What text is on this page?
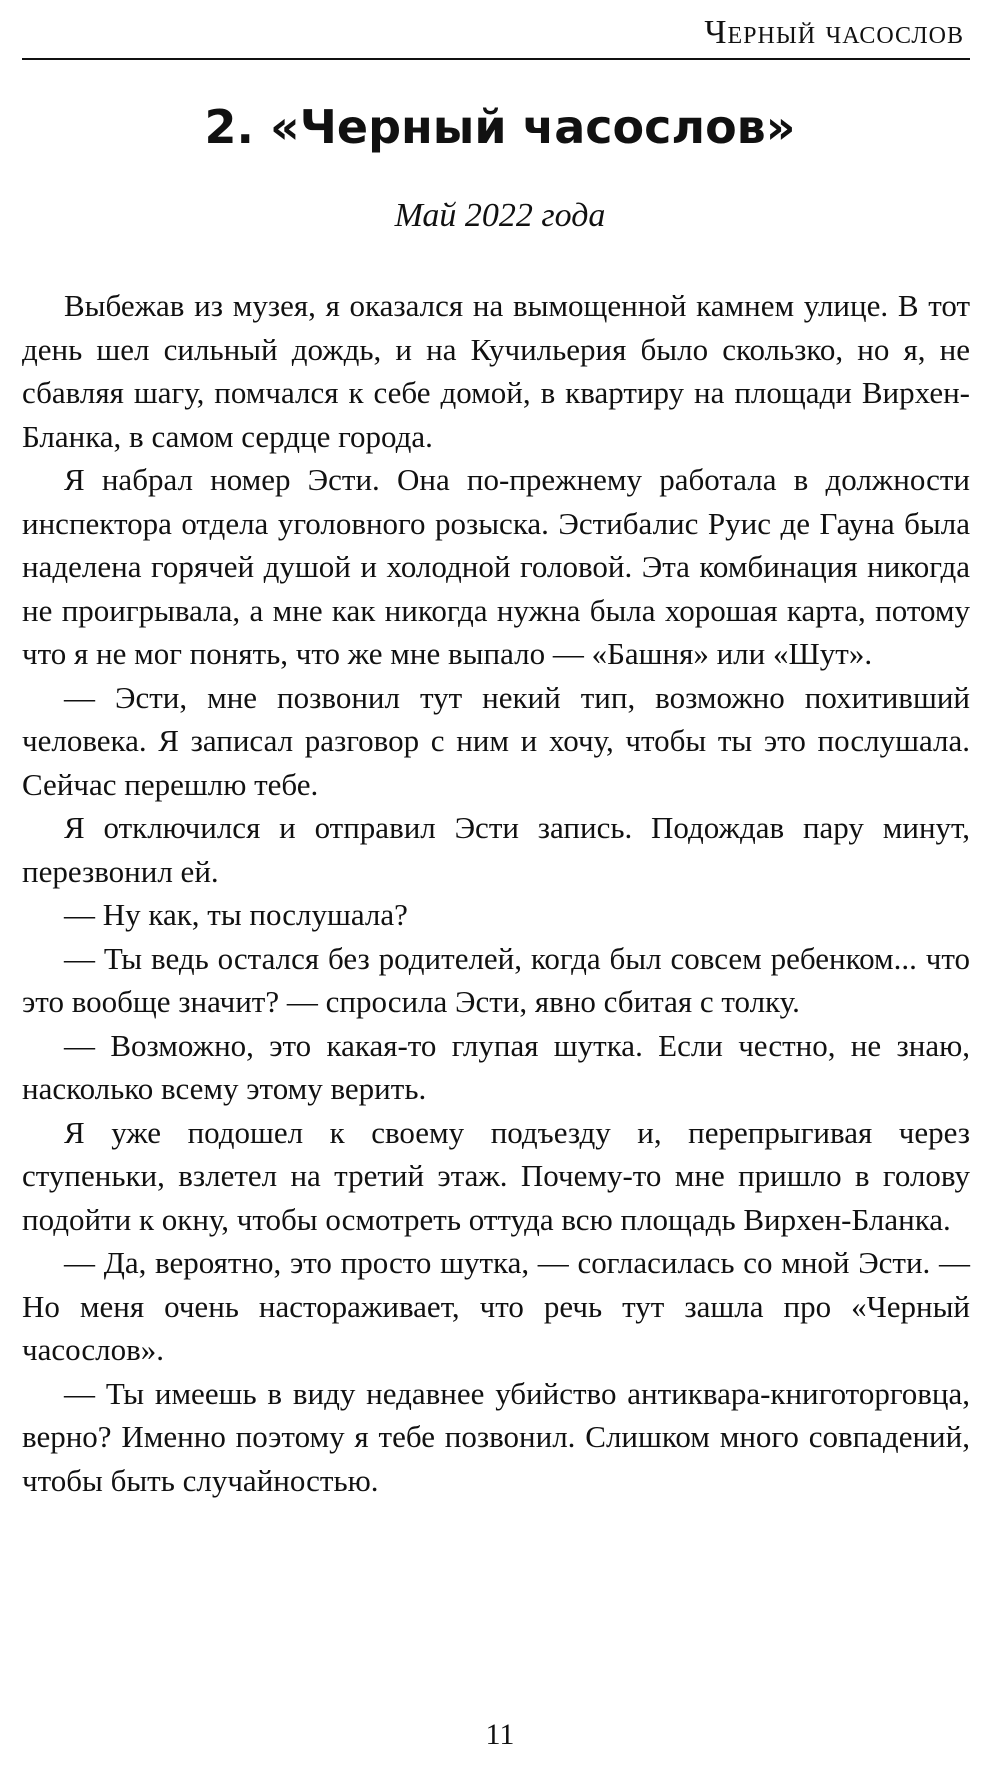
Черный часослов
2. «Черный часослов»
Май 2022 года

Выбежав из музея, я оказался на вымощенной камнем улице. В тот день шел сильный дождь, и на Кучильерия было скользко, но я, не сбавляя шагу, помчался к себе домой, в квартиру на площади Вирхен-Бланка, в самом сердце города.

Я набрал номер Эсти. Она по-прежнему работала в должности инспектора отдела уголовного розыска. Эстибалис Руис де Гауна была наделена горячей душой и холодной головой. Эта комбинация никогда не проигрывала, а мне как никогда нужна была хорошая карта, потому что я не мог понять, что же мне выпало — «Башня» или «Шут».

— Эсти, мне позвонил тут некий тип, возможно похитивший человека. Я записал разговор с ним и хочу, чтобы ты это послушала. Сейчас перешлю тебе.

Я отключился и отправил Эсти запись. Подождав пару минут, перезвонил ей.

— Ну как, ты послушала?

— Ты ведь остался без родителей, когда был совсем ребенком... что это вообще значит? — спросила Эсти, явно сбитая с толку.

— Возможно, это какая-то глупая шутка. Если честно, не знаю, насколько всему этому верить.

Я уже подошел к своему подъезду и, перепрыгивая через ступеньки, взлетел на третий этаж. Почему-то мне пришло в голову подойти к окну, чтобы осмотреть оттуда всю площадь Вирхен-Бланка.

— Да, вероятно, это просто шутка, — согласилась со мной Эсти. — Но меня очень настораживает, что речь тут зашла про «Черный часослов».

— Ты имеешь в виду недавнее убийство антиквара-книготорговца, верно? Именно поэтому я тебе позвонил. Слишком много совпадений, чтобы быть случайностью.

11
